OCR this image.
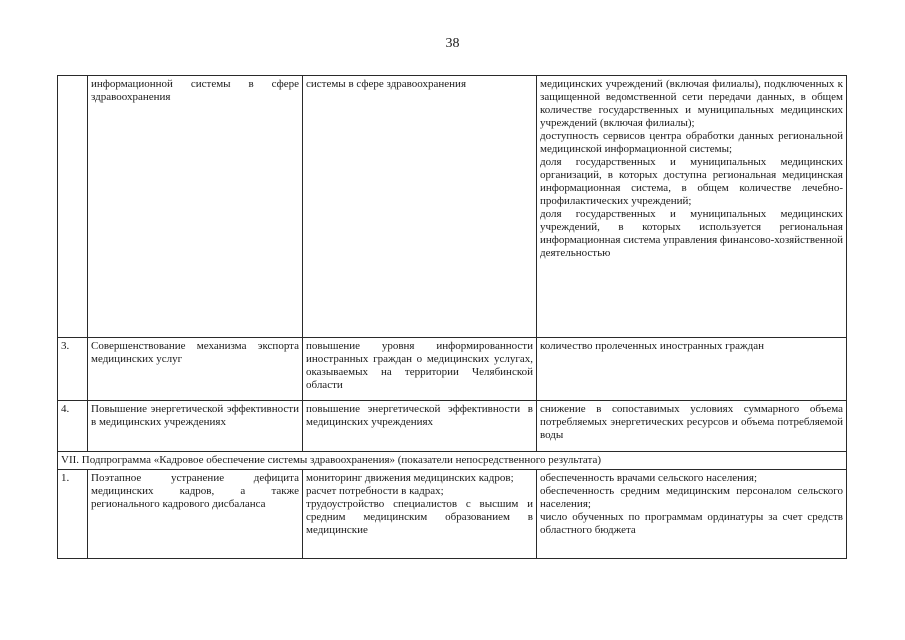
38
	информационной системы в сфере здравоохранения	системы в сфере здравоохранения	медицинских учреждений (включая филиалы), подключенных к защищенной ведомственной сети передачи данных, в общем количестве государственных и муниципальных медицинских учреждений (включая филиалы);
доступность сервисов центра обработки данных региональной медицинской информационной системы;
доля государственных и муниципальных медицинских организаций, в которых доступна региональная медицинская информационная система, в общем количестве лечебно-профилактических учреждений;
доля государственных и муниципальных медицинских учреждений, в которых используется региональная информационная система управления финансово-хозяйственной деятельностью

3.	Совершенствование механизма экспорта медицинских услуг	повышение уровня информированности иностранных граждан о медицинских услугах, оказываемых на территории Челябинской области	количество пролеченных иностранных граждан

4.	Повышение энергетической эффективности в медицинских учреждениях	повышение энергетической эффективности в медицинских учреждениях	снижение в сопоставимых условиях суммарного объема потребляемых энергетических ресурсов и объема потребляемой воды

VII. Подпрограмма «Кадровое обеспечение системы здравоохранения» (показатели непосредственного результата)			
1.	Поэтапное устранение дефицита медицинских кадров, а также регионального кадрового дисбаланса	мониторинг движения медицинских кадров;
расчет потребности в кадрах;
трудоустройство специалистов с высшим и средним медицинским образованием в медицинские	обеспеченность врачами сельского населения;
обеспеченность средним медицинским персоналом сельского населения;
число обученных по программам ординатуры за счет средств областного бюджета
